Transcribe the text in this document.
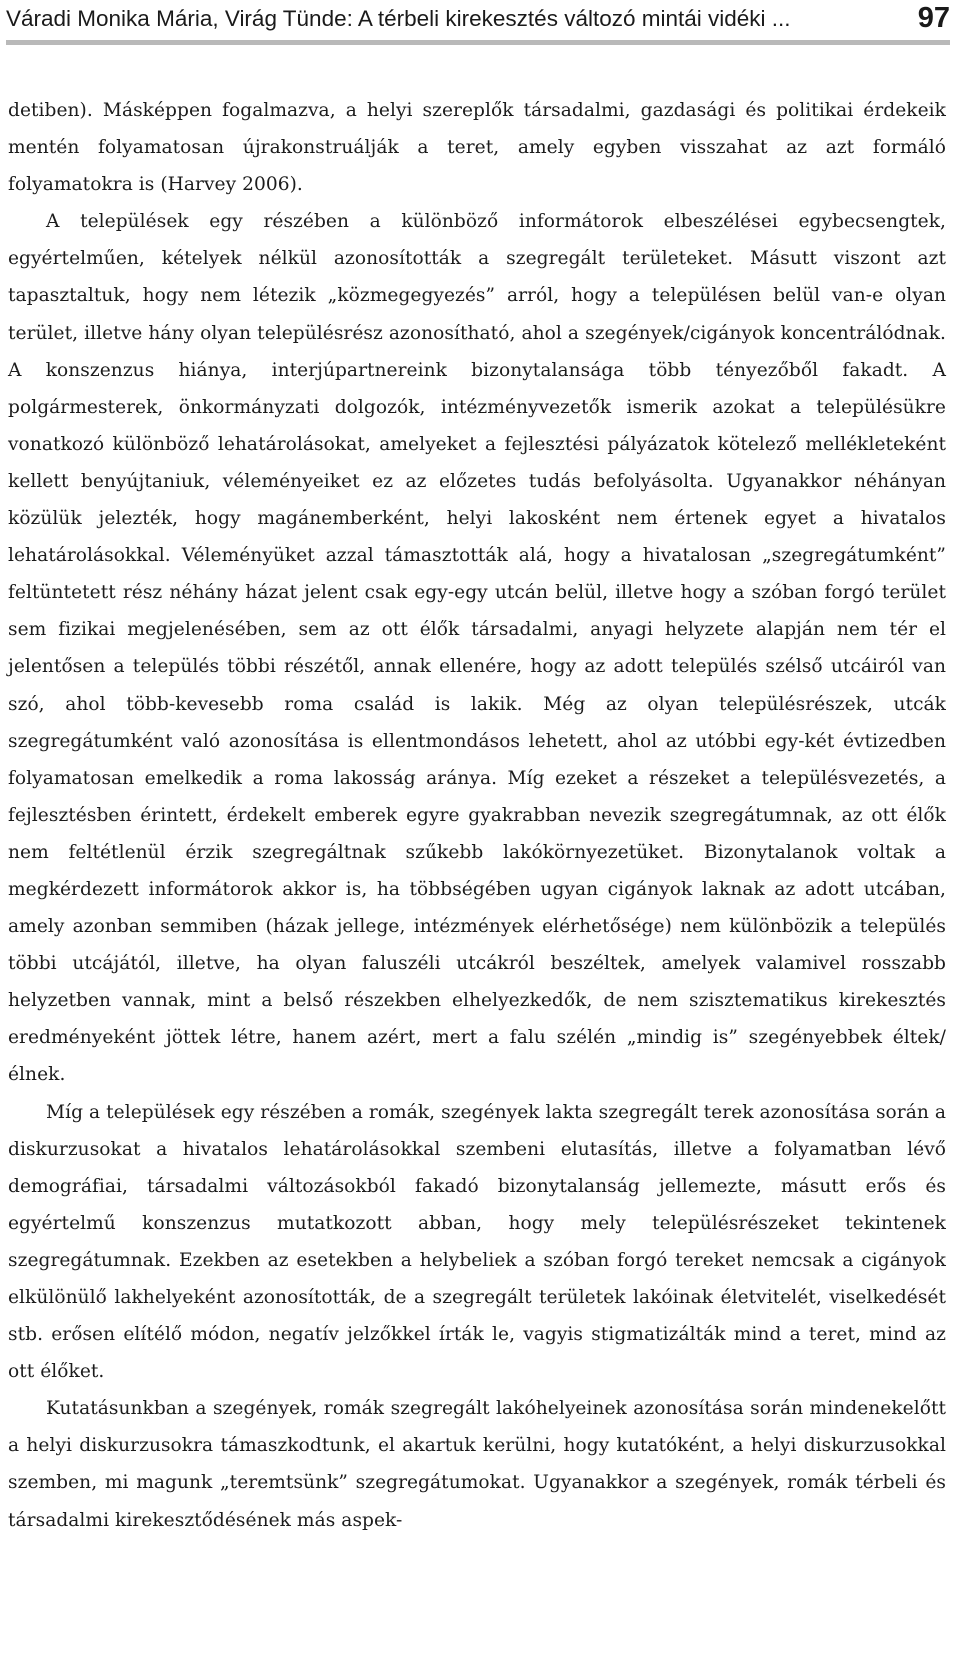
Váradi Monika Mária, Virág Tünde: A térbeli kirekesztés változó mintái vidéki ...	97

detiben). Másképpen fogalmazva, a helyi szereplők társadalmi, gazdasági és politikai érdekeik mentén folyamatosan újrakonstruálják a teret, amely egyben visszahat az azt formáló folyamatokra is (Harvey 2006).

A települések egy részében a különböző informátorok elbeszélései egybecsengtek, egyértelműen, kételyek nélkül azonosították a szegregált területeket. Másutt viszont azt tapasztaltuk, hogy nem létezik „közmegegyezés” arról, hogy a településen belül van-e olyan terület, illetve hány olyan településrész azonosítható, ahol a szegények/cigányok koncentrálódnak. A konszenzus hiánya, interjúpartnereink bizonytalansága több tényezőből fakadt. A polgármesterek, önkormányzati dolgozók, intézményvezetők ismerik azokat a településükre vonatkozó különböző lehatárolásokat, amelyeket a fejlesztési pályázatok kötelező mellékleteként kellett benyújtaniuk, véleményeiket ez az előzetes tudás befolyásolta. Ugyanakkor néhányan közülük jelezték, hogy magánemberként, helyi lakosként nem értenek egyet a hivatalos lehatárolásokkal. Véleményüket azzal támasztották alá, hogy a hivatalosan „szegregátumként” feltüntetett rész néhány házat jelent csak egy-egy utcán belül, illetve hogy a szóban forgó terület sem fizikai megjelenésében, sem az ott élők társadalmi, anyagi helyzete alapján nem tér el jelentősen a település többi részétől, annak ellenére, hogy az adott település szélső utcáiról van szó, ahol több-kevesebb roma család is lakik. Még az olyan településrészek, utcák szegregátumként való azonosítása is ellentmondásos lehetett, ahol az utóbbi egy-két évtizedben folyamatosan emelkedik a roma lakosság aránya. Míg ezeket a részeket a településvezetés, a fejlesztésben érintett, érdekelt emberek egyre gyakrabban nevezik szegregátumnak, az ott élők nem feltétlenül érzik szegregáltnak szűkebb lakókörnyezetüket. Bizonytalanok voltak a megkérdezett informátorok akkor is, ha többségében ugyan cigányok laknak az adott utcában, amely azonban semmiben (házak jellege, intézmények elérhetősége) nem különbözik a település többi utcájától, illetve, ha olyan faluszéli utcákról beszéltek, amelyek valamivel rosszabb helyzetben vannak, mint a belső részekben elhelyezkedők, de nem szisztematikus kirekesztés eredményeként jöttek létre, hanem azért, mert a falu szélén „mindig is” szegényebbek éltek/élnek.

Míg a települések egy részében a romák, szegények lakta szegregált terek azonosítása során a diskurzusokat a hivatalos lehatárolásokkal szembeni elutasítás, illetve a folyamatban lévő demográfiai, társadalmi változásokból fakadó bizonytalanság jellemezte, másutt erős és egyértelmű konszenzus mutatkozott abban, hogy mely településrészeket tekintenek szegregátumnak. Ezekben az esetekben a helybeliek a szóban forgó tereket nemcsak a cigányok elkülönülő lakhelyeként azonosították, de a szegregált területek lakóinak életvitelét, viselkedését stb. erősen elítélő módon, negatív jelzőkkel írták le, vagyis stigmatizálták mind a teret, mind az ott élőket.

Kutatásunkban a szegények, romák szegregált lakóhelyeinek azonosítása során mindenekelőtt a helyi diskurzusokra támaszkodtunk, el akartuk kerülni, hogy kutatóként, a helyi diskurzusokkal szemben, mi magunk „teremtsünk” szegregátumokat. Ugyanakkor a szegények, romák térbeli és társadalmi kirekesztődésének más aspek-
